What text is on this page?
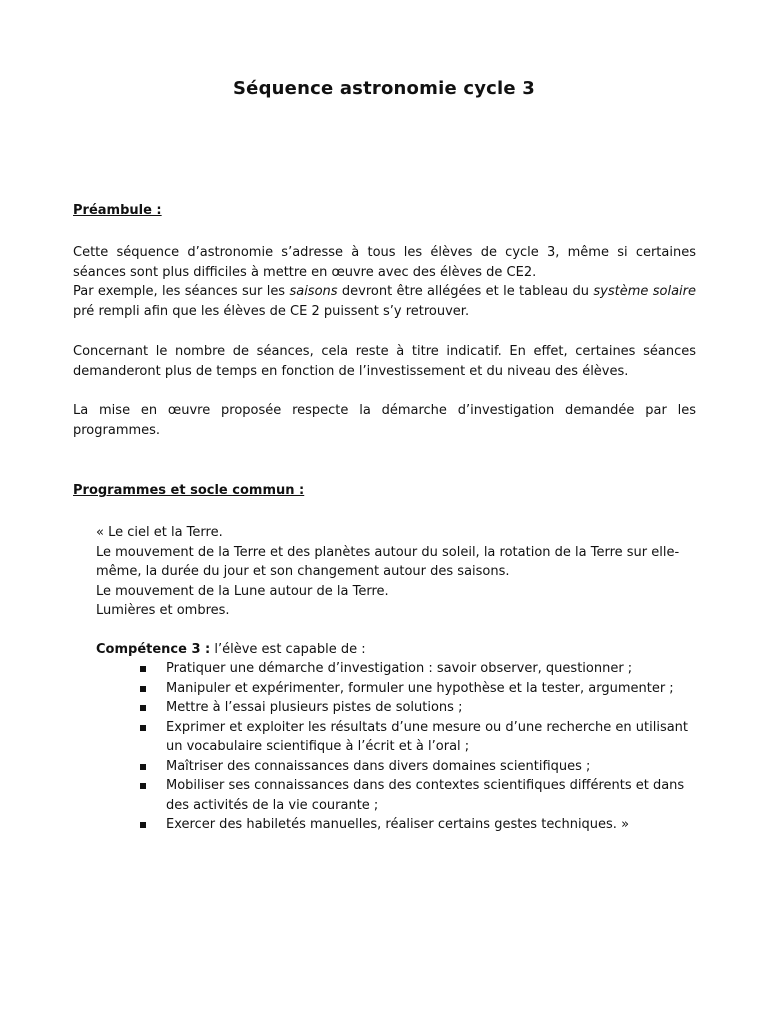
Séquence astronomie cycle 3
Préambule :

Cette séquence d’astronomie s’adresse à tous les élèves de cycle 3, même si certaines séances sont plus difficiles à mettre en œuvre avec des élèves de CE2.

Par exemple, les séances sur les saisons devront être allégées et le tableau du système solaire pré rempli afin que les élèves de CE 2 puissent s’y retrouver.

Concernant le nombre de séances, cela reste à titre indicatif. En effet, certaines séances demanderont plus de temps en fonction de l’investissement et du niveau des élèves.

La mise en œuvre proposée respecte la démarche d’investigation demandée par les programmes.

Programmes et socle commun :

« Le ciel et la Terre.

Le mouvement de la Terre et des planètes autour du soleil, la rotation de la Terre sur elle-même, la durée du jour et son changement autour des saisons.

Le mouvement de la Lune autour de la Terre.

Lumières et ombres.

Compétence 3 : l’élève est capable de :
Pratiquer une démarche d’investigation : savoir observer, questionner ;
Manipuler et expérimenter, formuler une hypothèse et la tester, argumenter ;
Mettre à l’essai plusieurs pistes de solutions ;
Exprimer et exploiter les résultats d’une mesure ou d’une recherche en utilisant un vocabulaire scientifique à l’écrit et à l’oral ;
Maîtriser des connaissances dans divers domaines scientifiques ;
Mobiliser ses connaissances dans des contextes scientifiques différents et dans des activités de la vie courante ;
Exercer des habiletés manuelles, réaliser certains gestes techniques. »
